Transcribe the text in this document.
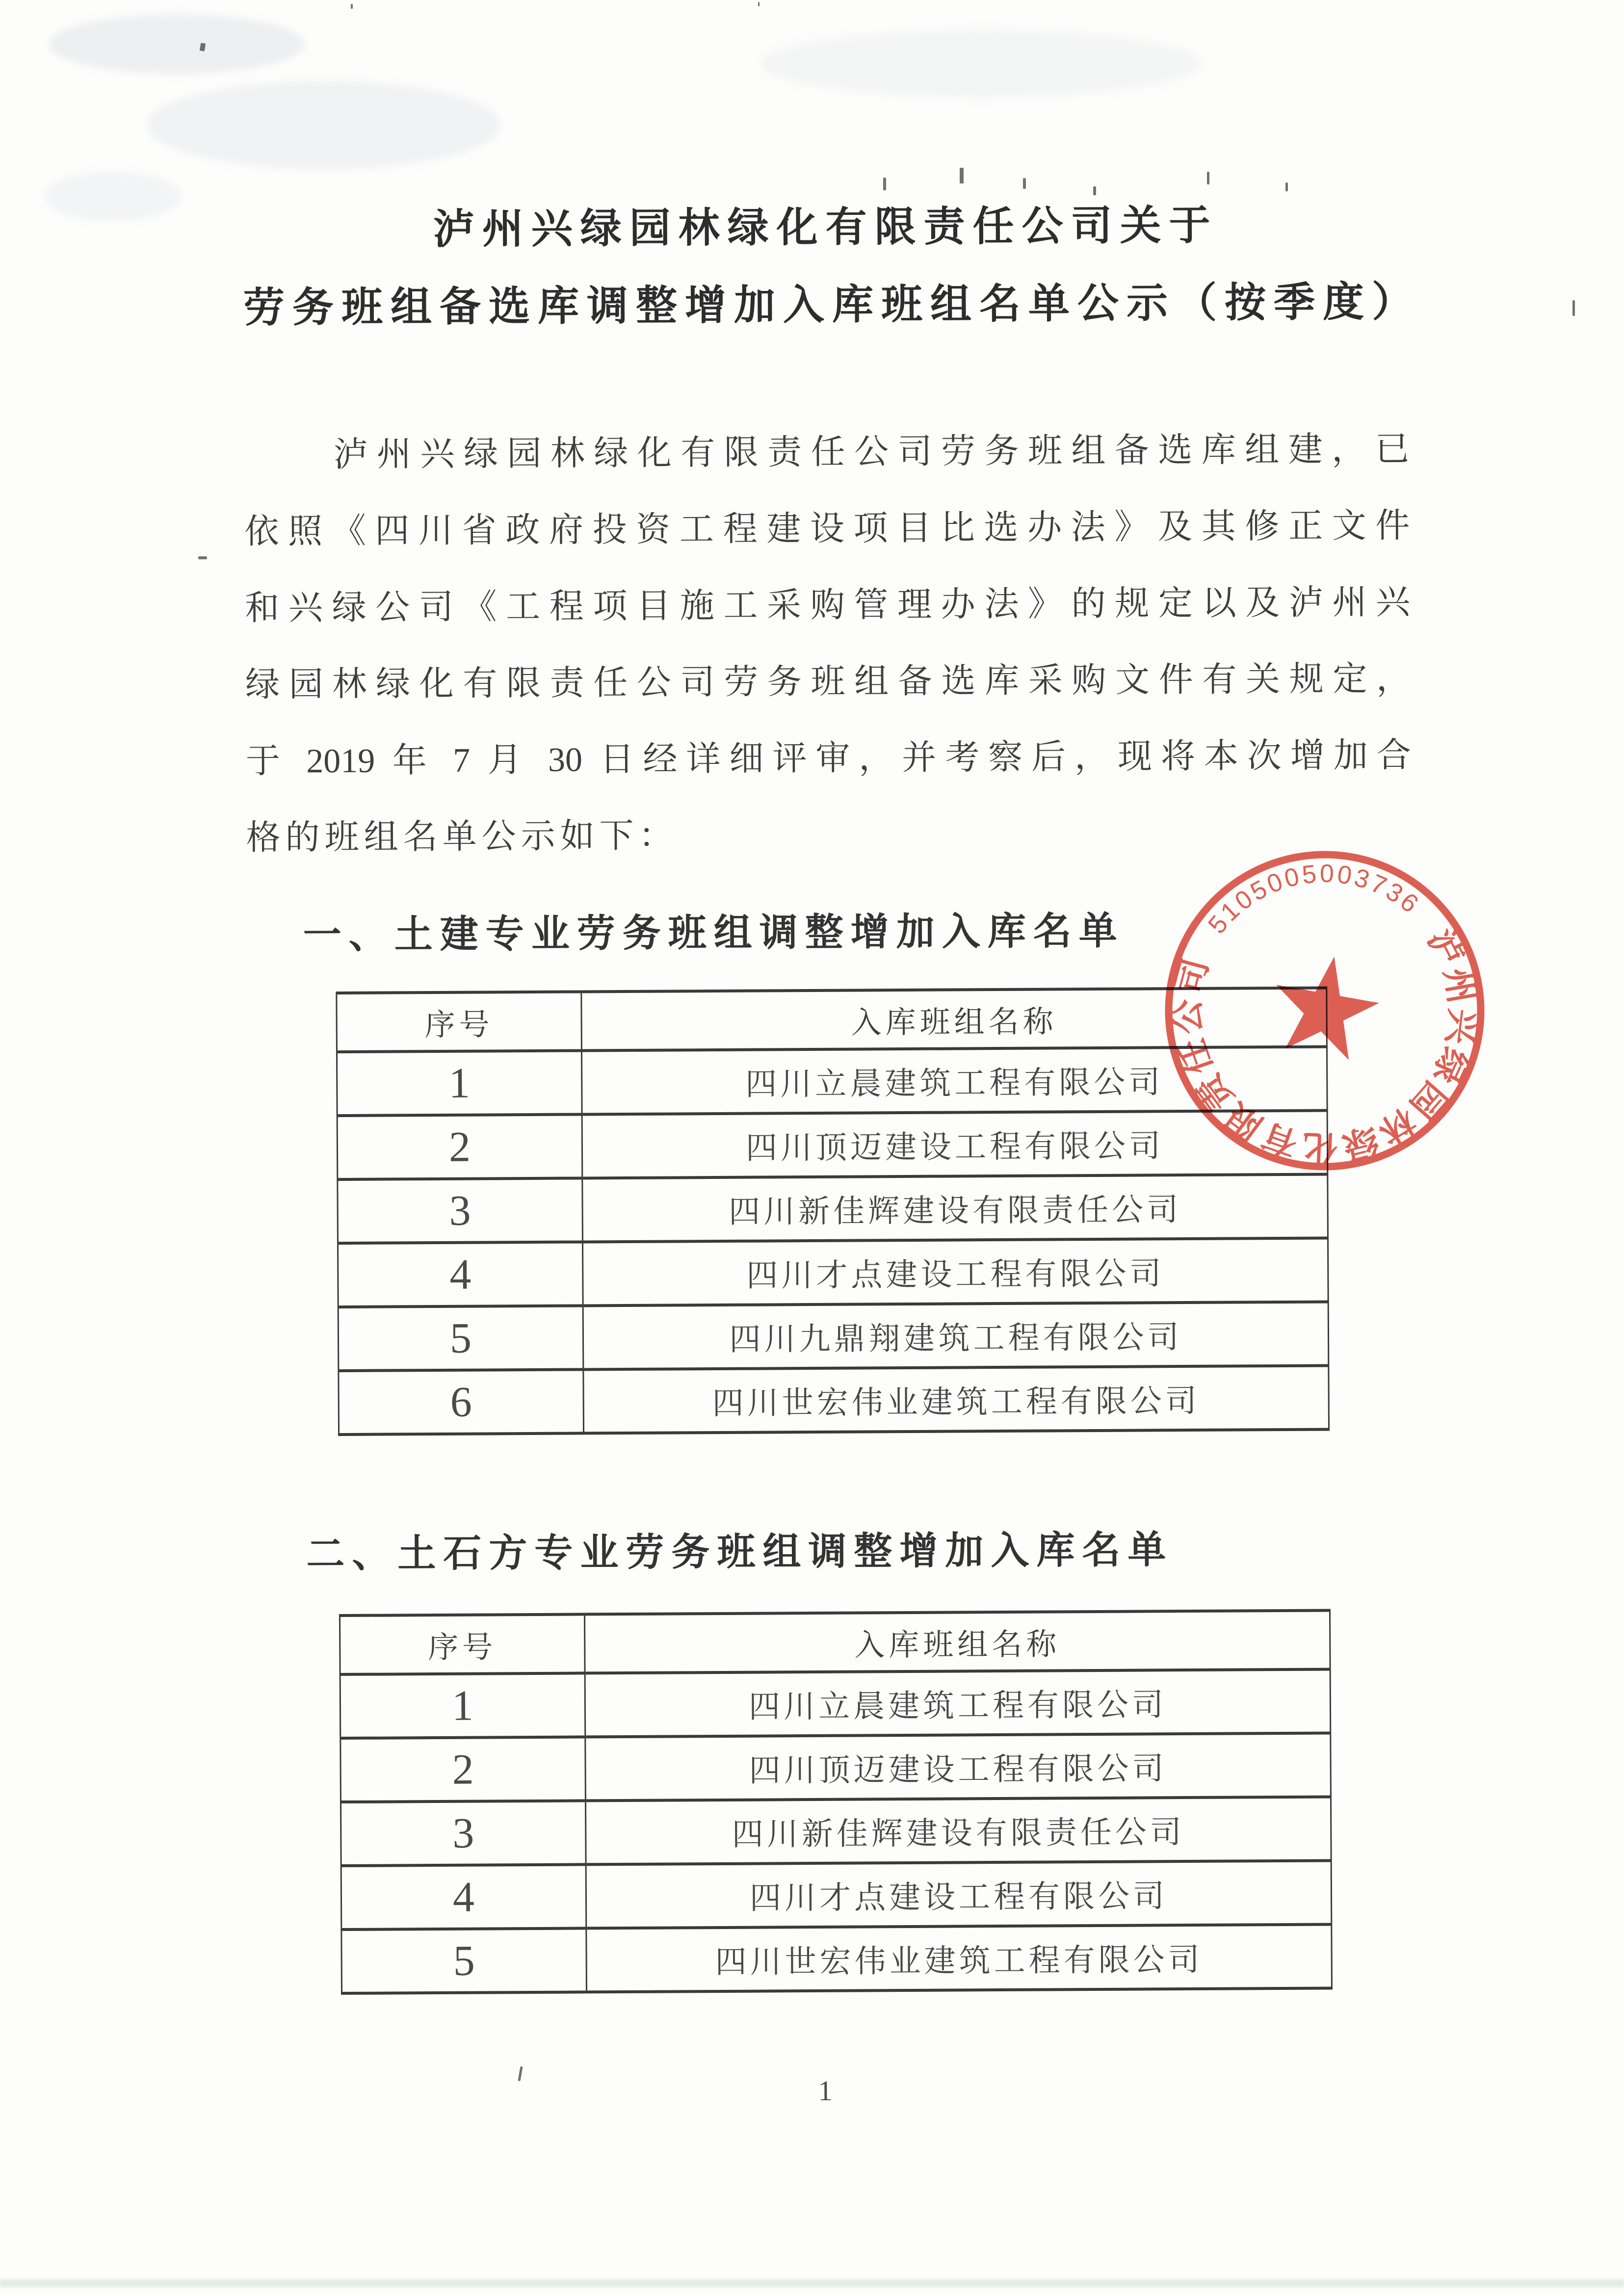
泸州兴绿园林绿化有限责任公司关于
劳务班组备选库调整增加入库班组名单公示（按季度）
泸州兴绿园林绿化有限责任公司劳务班组备选库组建，已
依照《四川省政府投资工程建设项目比选办法》及其修正文件
和兴绿公司《工程项目施工采购管理办法》的规定以及泸州兴
绿园林绿化有限责任公司劳务班组备选库采购文件有关规定，
于 2019 年 7 月 30 日经详细评审，并考察后，现将本次增加合
格的班组名单公示如下：
一、土建专业劳务班组调整增加入库名单
序号	入库班组名称
1	四川立晨建筑工程有限公司
2	四川顶迈建设工程有限公司
3	四川新佳辉建设有限责任公司
4	四川才点建设工程有限公司
5	四川九鼎翔建筑工程有限公司
6	四川世宏伟业建筑工程有限公司
二、土石方专业劳务班组调整增加入库名单
序号	入库班组名称
1	四川立晨建筑工程有限公司
2	四川顶迈建设工程有限公司
3	四川新佳辉建设有限责任公司
4	四川才点建设工程有限公司
5	四川世宏伟业建筑工程有限公司
1
泸州兴绿园林绿化有限责任公司
5105005003736
